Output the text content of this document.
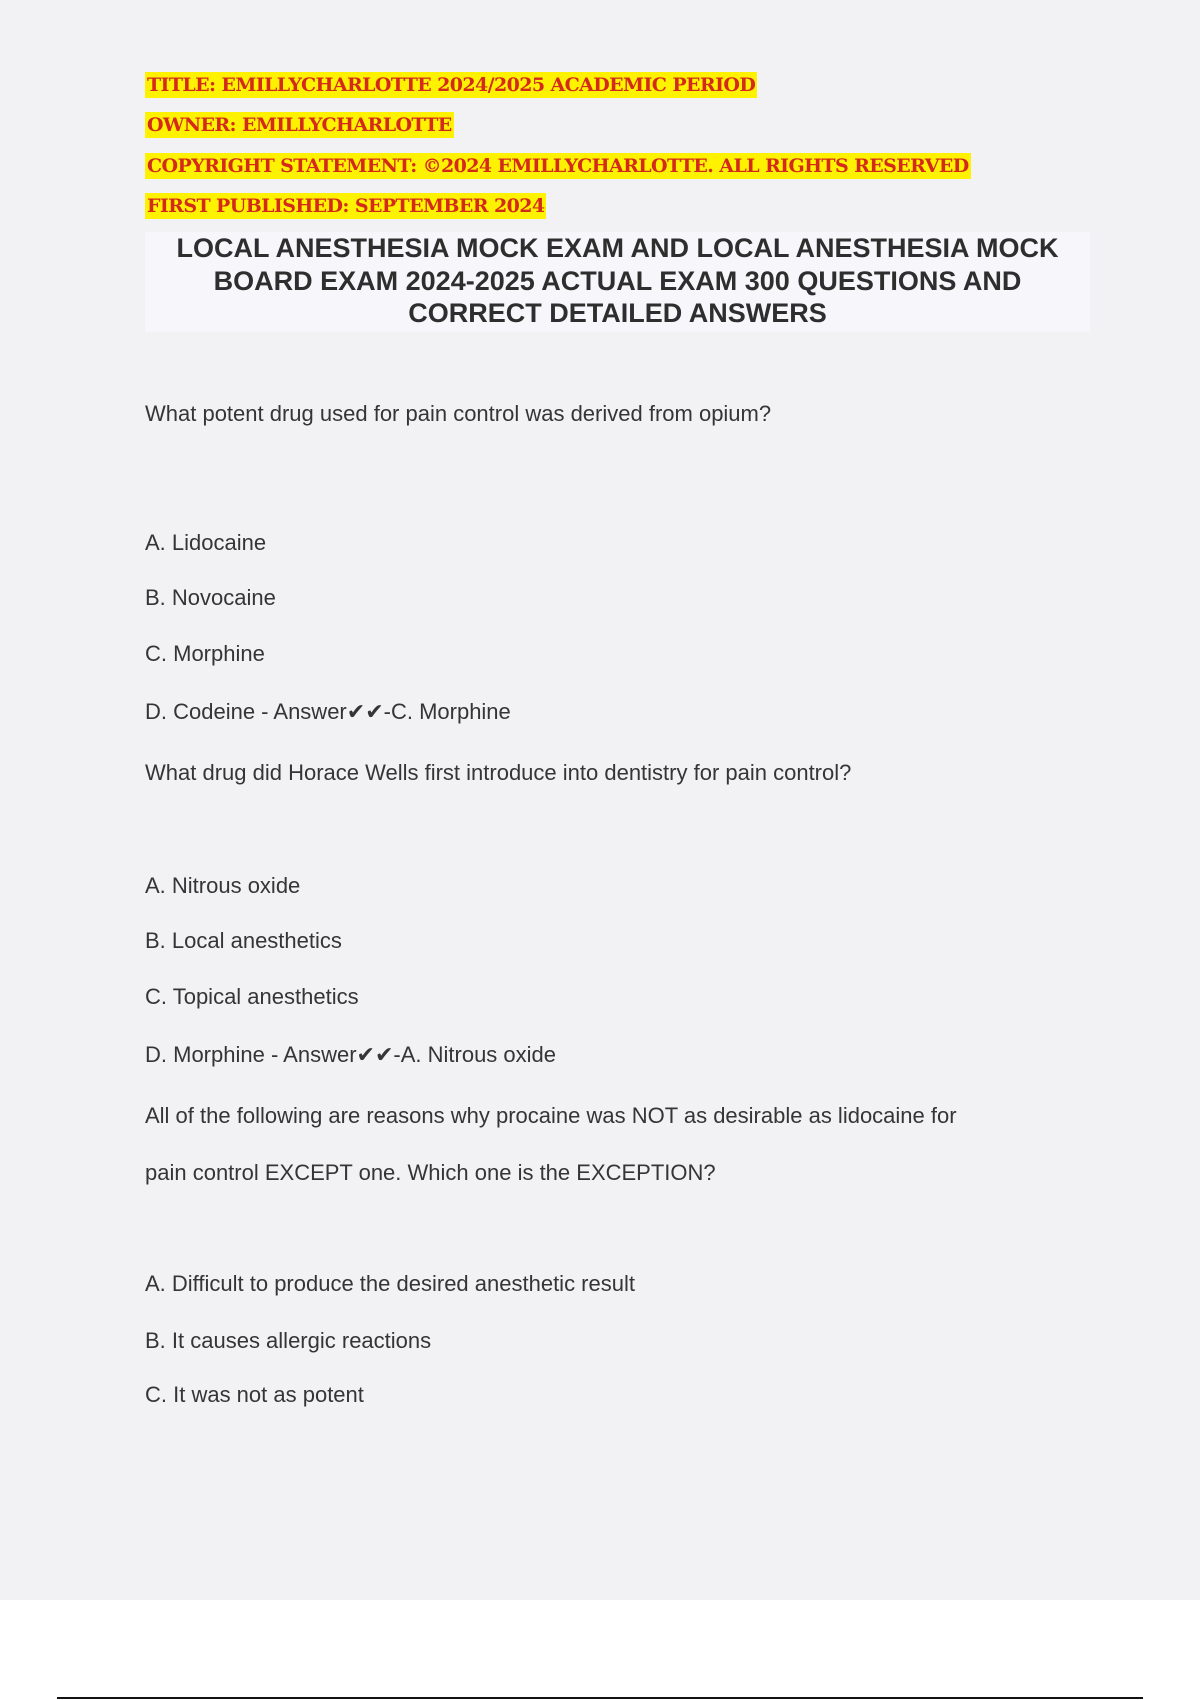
TITLE: EMILLYCHARLOTTE 2024/2025 ACADEMIC PERIOD
OWNER: EMILLYCHARLOTTE
COPYRIGHT STATEMENT: ©2024 EMILLYCHARLOTTE. ALL RIGHTS RESERVED
FIRST PUBLISHED: SEPTEMBER 2024
LOCAL ANESTHESIA MOCK EXAM AND LOCAL ANESTHESIA MOCK
BOARD EXAM 2024-2025 ACTUAL EXAM 300 QUESTIONS AND
CORRECT DETAILED ANSWERS
What potent drug used for pain control was derived from opium?
A. Lidocaine
B. Novocaine
C. Morphine
D. Codeine - Answer✔✔-C. Morphine
What drug did Horace Wells first introduce into dentistry for pain control?
A. Nitrous oxide
B. Local anesthetics
C. Topical anesthetics
D. Morphine - Answer✔✔-A. Nitrous oxide
All of the following are reasons why procaine was NOT as desirable as lidocaine for
pain control EXCEPT one. Which one is the EXCEPTION?
A. Difficult to produce the desired anesthetic result
B. It causes allergic reactions
C. It was not as potent
